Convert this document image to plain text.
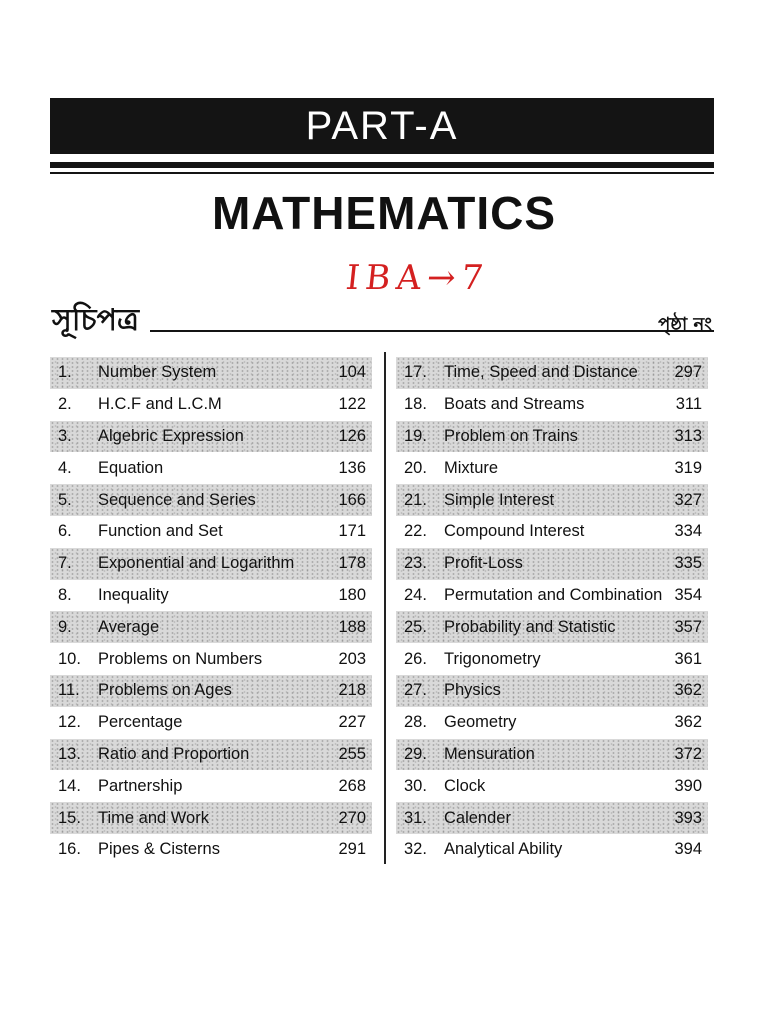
PART-A
MATHEMATICS
IBA→7
সূচিপত্র	পৃষ্ঠা নং
1.	Number System	104
2.	H.C.F and L.C.M	122
3.	Algebric Expression	126
4.	Equation	136
5.	Sequence and Series	166
6.	Function and Set	171
7.	Exponential and Logarithm	178
8.	Inequality	180
9.	Average	188
10.	Problems on Numbers	203
11.	Problems on Ages	218
12.	Percentage	227
13.	Ratio and Proportion	255
14.	Partnership	268
15.	Time and Work	270
16.	Pipes & Cisterns	291
17.	Time, Speed and Distance	297
18.	Boats and Streams	311
19.	Problem on Trains	313
20.	Mixture	319
21.	Simple Interest	327
22.	Compound Interest	334
23.	Profit-Loss	335
24.	Permutation and Combination 354
25.	Probability and Statistic	357
26.	Trigonometry	361
27.	Physics	362
28.	Geometry	362
29.	Mensuration	372
30.	Clock	390
31.	Calender	393
32.	Analytical Ability	394
